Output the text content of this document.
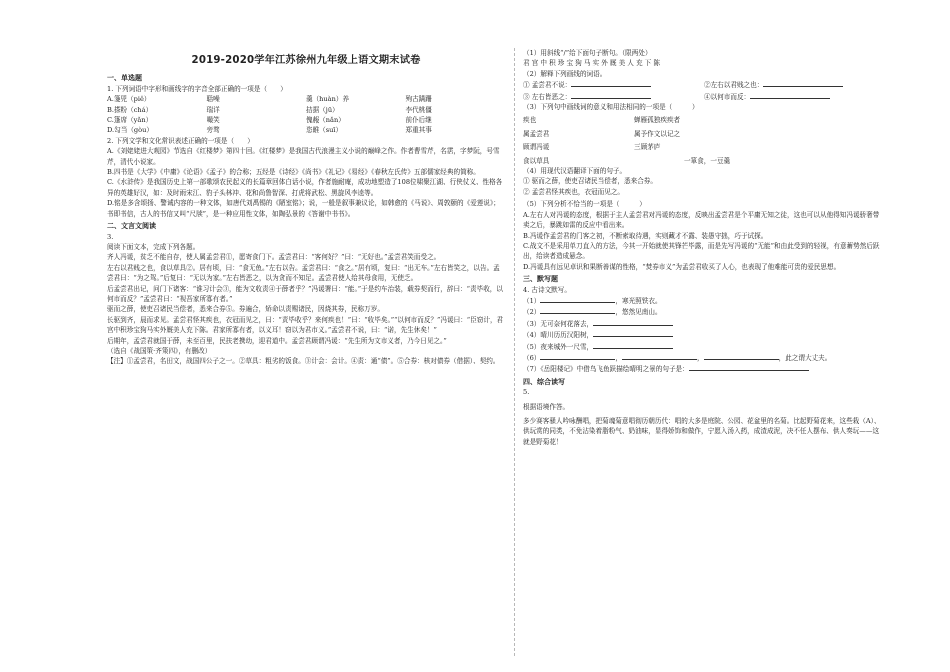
2019-2020学年江苏徐州九年级上语文期末试卷
一、单选题

1. 下列词语中字形和画线字的字音全部正确的一项是（　　）

A.箋兕（piě）	聒噪	羹（huàn）养	殉古蹒跚
B.搽粉（chá）	瑞详	拮据（jū）	李代桃僵
C.篷席（yǎn）	嘬笑	傀赧（nǎn）	前仆后继
D.勾当（gòu）	旁骛	恣睢（suī）	郑重其事

2. 下列文学和文化常识表述正确的一项是（　　）

A.《刘姥姥进大观园》节选自《红楼梦》第四十回。《红楼梦》是我国古代浪漫主义小说的巅峰之作。作者曹雪芹，名霑，字梦阮，号雪芹，清代小说家。

B.四书是《大学》《中庸》《论语》《孟子》的合称；五经是《诗经》《尚书》《礼记》《易经》《春秋左氏传》五部儒家经典的简称。

C.《水浒传》是我国历史上第一部歌颂农民起义的长篇章回体白话小说，作者施耐庵，成功地塑造了108位啸聚江湖、行侠仗义、性格各异的英雄好汉，如：及时雨宋江、豹子头林冲、花和尚鲁智深、打虎将武松、黑旋风李逵等。

D.铭是多含颂扬、警诫内容的一种文体，如唐代刘禹锡的《陋室铭》；说，一般是叙事兼议论，如韩愈的《马说》、周敦颐的《爱莲说》；书即书信，古人的书信又叫“尺牍”，是一种应用性文体，如陶弘景的《答谢中书书》。

二、文言文阅读

3.

阅读下面文本，完成下列各题。

齐人冯谖，贫乏不能自存，使人属孟尝君①，愿寄食门下。孟尝君曰：“客何好？”曰：“无好也。”孟尝君笑而受之。

左右以君贱之也，食以草具②。居有顷，曰：“食无鱼。”左右以告。孟尝君曰：“食之。”居有顷，复曰：“出无车。”左右皆笑之，以告。孟尝君曰：“为之驾。”后复曰：“无以为家。”左右皆恶之，以为贪而不知足。孟尝君使人给其母食用，无使乏。

后孟尝君出记，问门下诸客：“谁习计会③，能为文收责④于薛者乎？”冯谖署曰：“能。”于是约车治装，载券契而行，辞曰：“责毕收，以何市而反？”孟尝君曰：“视吾家所寡有者。”

驱而之薛，使吏召诸民当偿者，悉来合券⑤。券遍合，矫命以责赐诸民，因烧其券，民称万岁。

长驱到齐，晨而求见。孟尝君怪其疾也，衣冠而见之，曰：“责毕收乎？来何疾也！”曰：“收毕矣。”“以何市而反？”冯谖曰：“臣窃计，君宫中积珍宝狗马实外厩美人充下陈。君家所寡有者，以义耳！窃以为君市义。”孟尝君不说，曰：“诺，先生休矣！”

后期年，孟尝君就国于薛，未至百里，民扶老携幼，迎君道中。孟尝君顾谓冯谖：“先生所为文市义者，乃今日见之。”

（选自《战国策·齐策四》，有删改）

【注】①孟尝君，名田文，战国四公子之一。②草具：粗劣的饭食。③计会：会计。④责：通“债”。⑤合券：核对债券（借据）、契约。

（1）用斜线“/”给下面句子断句。（限两处）

君 宫 中 积 珍 宝 狗 马 实 外 厩 美 人 充 下 陈

（2）解释下列画线的词语。

① 孟尝君不说：	②左右以君贱之也：
③ 左右皆恶之：	④以何市而反：

（3）下列句中画线词的意义和用法相同的一项是（　　　）

疾也	蝉雁孤独疾疾者
属孟尝君	属予作文以记之
顾谓冯谖	三顾茅庐
食以草具	一箪食，一豆羹

（4）用现代汉语翻译下面的句子。

① 驱而之薛，使吏召诸民当偿者，悉来合券。

② 孟尝君怪其疾也，衣冠而见之。

（5）下列分析不恰当的一项是（　　　）

A.左右人对冯谖的态度，根据于主人孟尝君对冯谖的态度，反映出孟尝君是个平庸无知之徒，这也可以从他得知冯谖骄奢带卖之后，暴跳如雷的反应中看出来。

B.冯谖作孟尝君的门客之初，不断索取待遇，实则藏才不露、装愚守拙，巧于试探。

C.战文不是采用单刀直入的方法，今其一开始就使其锋芒毕露，而是先写冯谖的“无能”和由此受到的轻视，有意蓄势然后跃出，给读者造成悬念。

D.冯谖具有远见卓识和果断善谋的性格，“焚券市义”为孟尝君收买了人心，也表现了他难能可贵的爱民思想。

三、默写题

4. 古诗文默写。

（1）	，寒光照铁衣。

（2）	，悠然见南山。

（3）无可奈何花落去，

（4）晴川历历汉阳树，

（5）夜来城外一尺雪，

（6）	，	，	，此之谓大丈夫。

（7）《岳阳楼记》中借鸟飞鱼跃描绘晴明之景的句子是：

四、综合读写

5.

根据语境作答。

多少赛客骚人吟咏酬唱，把菊魂菊意唱彻历朝历代：唱的大多是庭院、公园、花盆里的名菊。比起野菊花来，这些栽（A）、供玩赏的同类，不免沾染着脂粉气、奶油味，显得娇饰和做作，宁愿入汤入药，成渣成泥，决不任人摆布、供人奏玩——这就是野菊花！
